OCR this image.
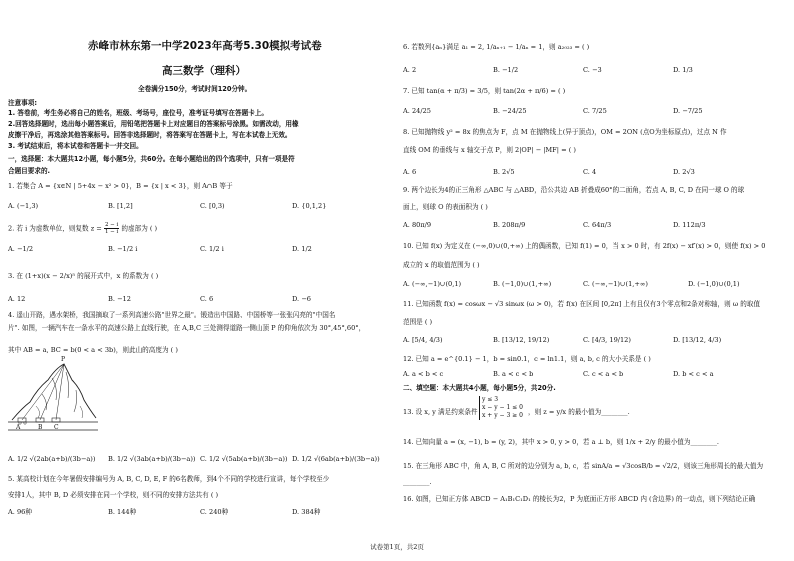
赤峰市林东第一中学2023年高考5.30模拟考试卷
高三数学（理科）
全卷满分150分，考试时间120分钟。
注意事项:
1. 答卷前，考生务必将自己的姓名，班级、考场号，座位号，准考证号填写在答题卡上。
2.回答选择题时，选出每小题答案后，用铅笔把答题卡上对应题目的答案标号涂黑。如需改动，用橡
皮擦干净后，再选涂其他答案标号。回答非选择题时，将答案写在答题卡上，写在本试卷上无效。
3. 考试结束后，将本试卷和答题卡一并交回。
一，选择题：本大题共12小题，每小题5分，共60分。在每小题给出的四个选项中，只有一项是符
合题目要求的.
1. 若集合 A = {x∈N | 5+4x − x² > 0}，B = {x | x < 3}，则 A∩B 等于
A. (−1,3)	B. [1,2]	C. [0,3)	D. {0,1,2}
2. 若 i 为虚数单位，则复数 $z = \frac{2 - i}{1 - i}$ 的虚部为 ( )
A. −1/2	B. −1/2 i	C. 1/2 i	D. 1/2
3. 在 (1+x)(x − 2/x)⁵ 的展开式中，x 的系数为 ( )
A. 12	B. −12	C. 6	D. −6
4. 遥山开路，遇水架桥，我国摘取了一系列高速公路"世界之最"。锻造出中国路、中国桥等一张张闪亮的"中国名
片". 如图，一辆汽车在一条水平的高速公路上直线行驶，在 A,B,C 三处测得道路一侧山顶 P 的仰角依次为 30°,45°,60°，
其中 AB = a, BC = b(0 < a < 3b)，则此山的高度为 ( )
P
A	B C
A. 1/2 √(2ab(a+b)/(3b−a)) B. 1/2 √(3ab(a+b)/(3b−a)) C. 1/2 √(5ab(a+b)/(3b−a)) D. 1/2 √(6ab(a+b)/(3b−a))
5. 某高校计划在今年暑假安排编号为 A, B, C, D, E, F 的6名教师，到4个不同的学校进行宣讲，每个学校至少
安排1人，其中 B, D 必须安排在同一个学校，则不同的安排方法共有 ( )
A. 96种	B. 144种	C. 240种	D. 384种
6. 若数列{aₙ}满足 a₁ = 2, 1/aₙ₊₁ − 1/aₙ = 1，则 a₂₀₂₃ = ( )
A. 2	B. −1/2	C. −3	D. 1/3
7. 已知 tan(α + π/3) = 3/5，则 tan(2α + π/6) = ( )
A. 24/25	B. −24/25	C. 7/25	D. −7/25
8. 已知抛物线 y² = 8x 的焦点为 F，点 M 在抛物线上(异于顶点)，OM = 2ON (点O为坐标原点)，过点 N 作
直线 OM 的垂线与 x 轴交于点 P，则 2|OP| − |MF| = ( )
A. 6	B. 2√5	C. 4	D. 2√3
9. 两个边长为4的正三角形 △ABC 与 △ABD，沿公共边 AB 折叠成60°的二面角，若点 A, B, C, D 在同一球 O 的球
面上，则球 O 的表面积为 ( )
A. 80π/9	B. 208π/9	C. 64π/3	D. 112π/3
10. 已知 f(x) 为定义在 (−∞,0)∪(0,+∞) 上的偶函数，已知 f(1) = 0，当 x > 0 时，有 2f(x) − xf′(x) > 0，则使 f(x) > 0
成立的 x 的取值范围为 ( )
A. (−∞,−1)∪(0,1)	B. (−1,0)∪(1,+∞)	C. (−∞,−1)∪(1,+∞)	D. (−1,0)∪(0,1)
11. 已知函数 f(x) = cosωx − √3 sinωx (ω > 0)，若 f(x) 在区间 [0,2π] 上有且仅有3个零点和2条对称轴，则 ω 的取值
范围是 ( )
A. [5/4, 4/3)	B. [13/12, 19/12)	C. [4/3, 19/12)	D. [13/12, 4/3)
12. 已知 a = e^{0.1} − 1，b = sin0.1，c = ln1.1，则 a, b, c 的大小关系是 ( )
A. a < b < c	B. a < c < b	C. c < a < b	D. b < c < a
二、填空题：本大题共4小题，每小题5分，共20分.
13. 设 x, y 满足约束条件
y ≤ 3
x − y − 1 ≤ 0
x + y − 3 ≥ 0 ，则 z = y/x 的最小值为________.
14. 已知向量 a = (x, −1), b = (y, 2)，其中 x > 0, y > 0，若 a ⊥ b，则 1/x + 2/y 的最小值为________.
15. 在三角形 ABC 中，角 A, B, C 所对的边分别为 a, b, c，若 sinA/a = √3cosB/b = √2/2，则该三角形周长的最大值为
________.
16. 如图，已知正方体 ABCD − A₁B₁C₁D₁ 的棱长为2，P 为底面正方形 ABCD 内 (含边界) 的一动点，则下列结论正确
试卷第1页，共2页
